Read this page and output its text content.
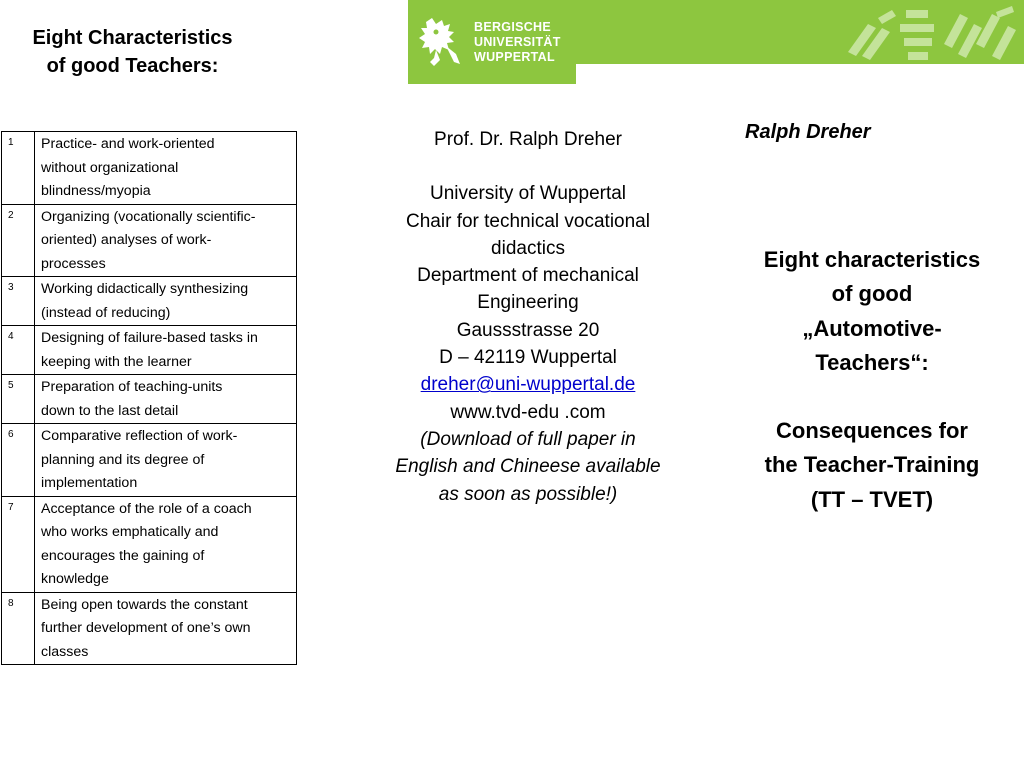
Eight Characteristics
of good Teachers:
1	Practice- and work-oriented
without organizational
blindness/myopia

2	Organizing (vocationally scientific-
oriented) analyses of work-
processes

3	Working didactically synthesizing
(instead of reducing)

4	Designing of failure-based tasks in
keeping with the learner

5	Preparation of teaching-units
down to the last detail

6	Comparative reflection of work-
planning and its degree of
implementation

7	Acceptance of the role of a coach
who works emphatically and
encourages the gaining of
knowledge

8	Being open towards the constant
further development of one’s own
classes
BERGISCHE
UNIVERSITÄT
WUPPERTAL
Prof. Dr. Ralph Dreher
University of Wuppertal
Chair for technical vocational
didactics
Department of mechanical
Engineering
Gaussstrasse 20
D – 42119 Wuppertal
dreher@uni-wuppertal.de
www.tvd-edu .com
(Download of full paper in
English and Chineese available
as soon as possible!)
Ralph Dreher
Eight characteristics
of good
„Automotive-
Teachers“:
Consequences for
the Teacher-Training
(TT – TVET)
